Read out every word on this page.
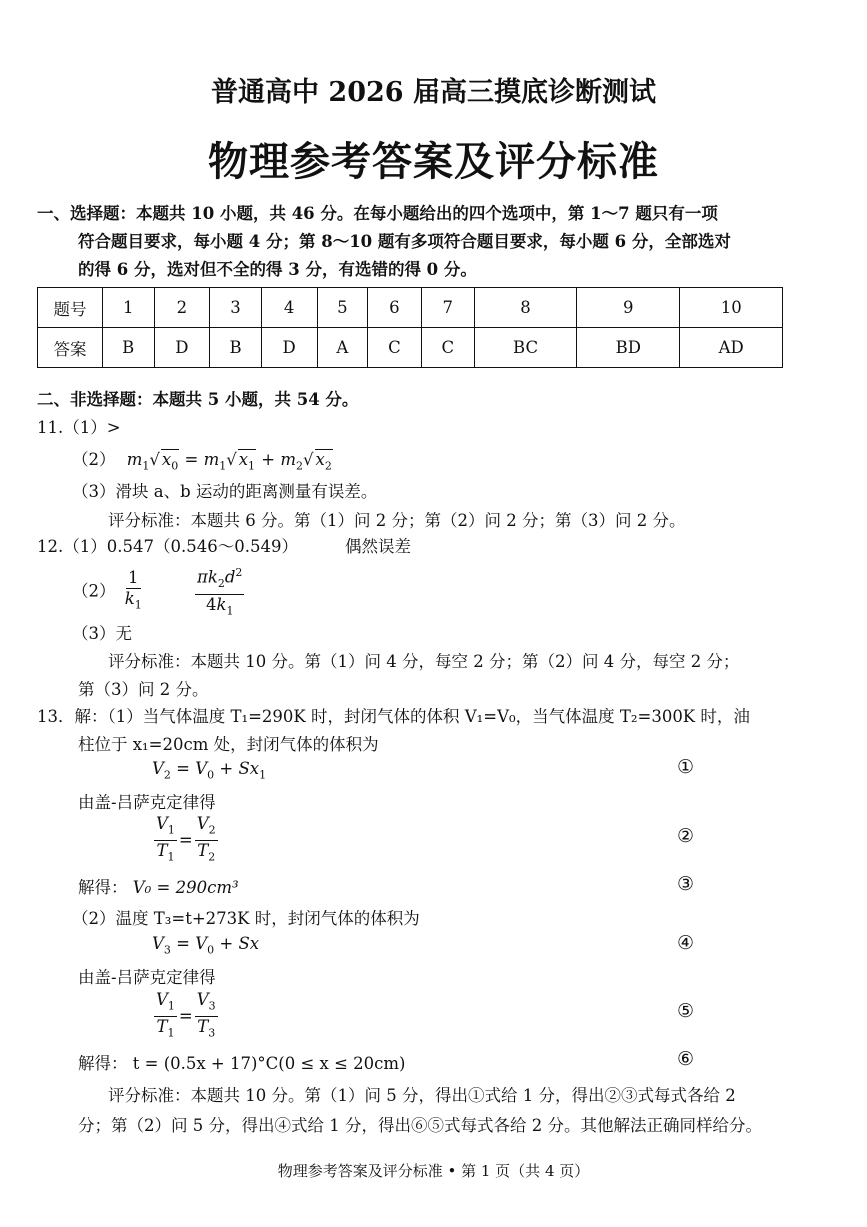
普通高中 2026 届高三摸底诊断测试
物理参考答案及评分标准
一、选择题：本题共 10 小题，共 46 分。在每小题给出的四个选项中，第 1～7 题只有一项
符合题目要求，每小题 4 分；第 8～10 题有多项符合题目要求，每小题 6 分，全部选对
的得 6 分，选对但不全的得 3 分，有选错的得 0 分。
题号	1	2	3	4	5	6	7	8	9	10
答案	B	D	B	D	A	C	C	BC	BD	AD
二、非选择题：本题共 5 小题，共 54 分。
11.（1）>
（2） $m_1√$ $x_0 = m_1√$ $x_1 + m_2√$ $x_2$
（3）滑块 a、b 运动的距离测量有误差。
评分标准：本题共 6 分。第（1）问 2 分；第（2）问 2 分；第（3）问 2 分。
12.（1）0.547（0.546～0.549）	偶然误差
$(2) \frac{1}{k_1}$
	$\frac{\pi k_2d^2}{4k_1}$
（3）无
评分标准：本题共 10 分。第（1）问 4 分，每空 2 分；第（2）问 4 分，每空 2 分；
第（3）问 2 分。
13．解：（1）当气体温度 T₁=290K 时，封闭气体的体积 V₁=V₀，当气体温度 T₂=300K 时，油
柱位于 x₁=20cm 处，封闭气体的体积为
$V_2 = V_0 + Sx_1$	①
由盖-吕萨克定律得
$\frac{V_1}{T_1} = \frac{V_2}{T_2}$	②
解得： V₀ = 290cm³	③
（2）温度 T₃=t+273K 时，封闭气体的体积为
$V_3 = V_0 + Sx$	④
由盖-吕萨克定律得
$\frac{V_1}{T_1} = \frac{V_3}{T_3}$	⑤
解得： t = (0.5x + 17)°C(0 ≤ x ≤ 20cm)	⑥
评分标准：本题共 10 分。第（1）问 5 分，得出①式给 1 分，得出②③式每式各给 2
分；第（2）问 5 分，得出④式给 1 分，得出⑥⑤式每式各给 2 分。其他解法正确同样给分。
物理参考答案及评分标准 • 第 1 页（共 4 页）
